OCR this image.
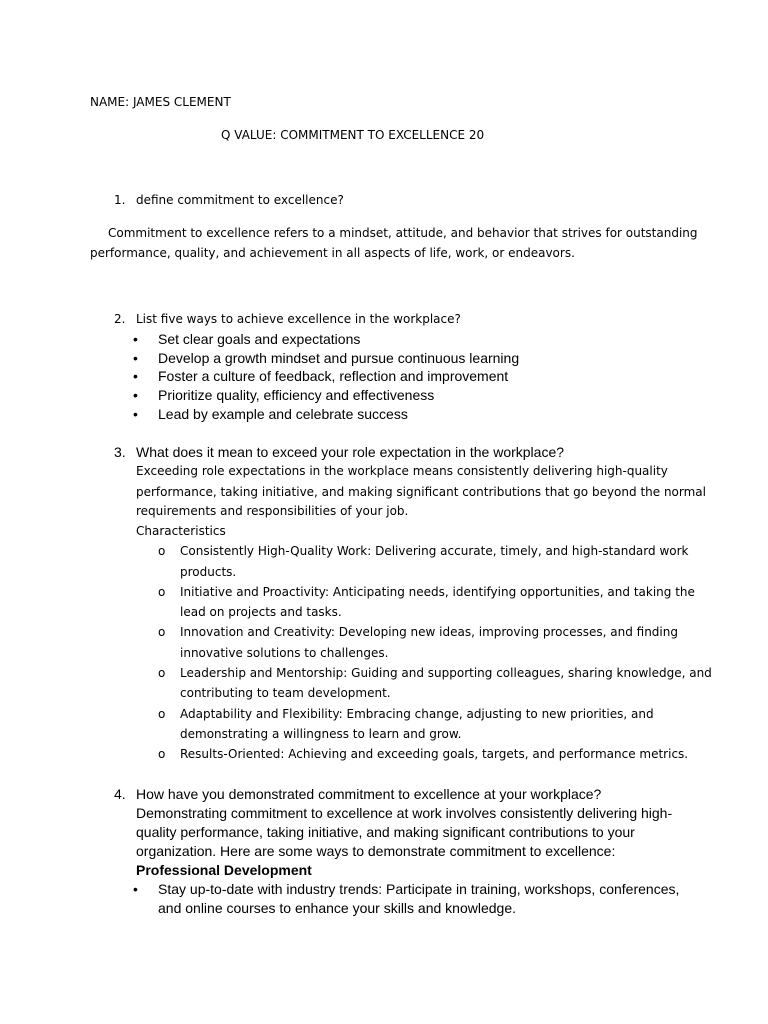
NAME: JAMES CLEMENT
Q VALUE: COMMITMENT TO EXCELLENCE 20
1. define commitment to excellence?
Commitment to excellence refers to a mindset, attitude, and behavior that strives for outstanding
performance, quality, and achievement in all aspects of life, work, or endeavors.
2. List five ways to achieve excellence in the workplace?
• Set clear goals and expectations
• Develop a growth mindset and pursue continuous learning
• Foster a culture of feedback, reflection and improvement
• Prioritize quality, efficiency and effectiveness
• Lead by example and celebrate success
3. What does it mean to exceed your role expectation in the workplace?
Exceeding role expectations in the workplace means consistently delivering high-quality
performance, taking initiative, and making significant contributions that go beyond the normal
requirements and responsibilities of your job.
Characteristics
o Consistently High-Quality Work: Delivering accurate, timely, and high-standard work
products.
o Initiative and Proactivity: Anticipating needs, identifying opportunities, and taking the
lead on projects and tasks.
o Innovation and Creativity: Developing new ideas, improving processes, and finding
innovative solutions to challenges.
o Leadership and Mentorship: Guiding and supporting colleagues, sharing knowledge, and
contributing to team development.
o Adaptability and Flexibility: Embracing change, adjusting to new priorities, and
demonstrating a willingness to learn and grow.
o Results-Oriented: Achieving and exceeding goals, targets, and performance metrics.
4. How have you demonstrated commitment to excellence at your workplace?
Demonstrating commitment to excellence at work involves consistently delivering high-
quality performance, taking initiative, and making significant contributions to your
organization. Here are some ways to demonstrate commitment to excellence:
Professional Development
• Stay up-to-date with industry trends: Participate in training, workshops, conferences,
and online courses to enhance your skills and knowledge.
